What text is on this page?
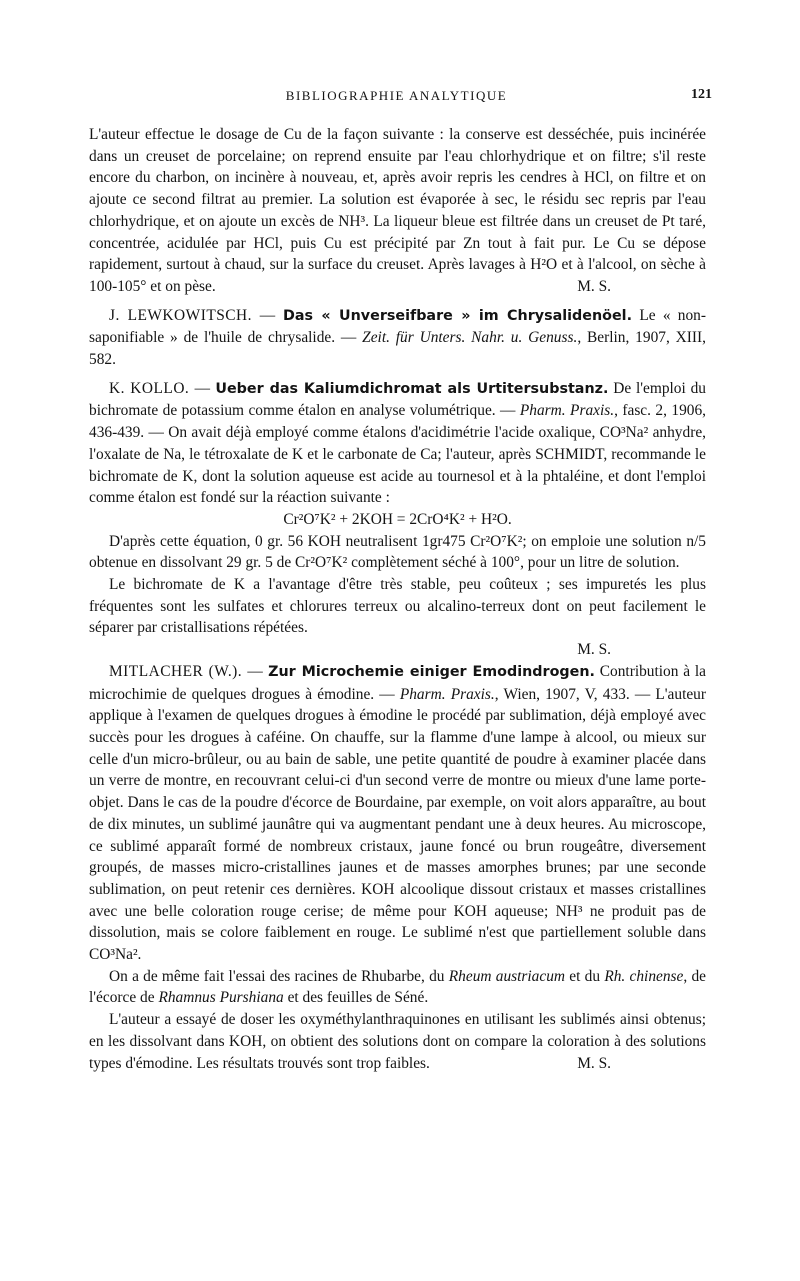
BIBLIOGRAPHIE ANALYTIQUE	121

L'auteur effectue le dosage de Cu de la façon suivante : la conserve est desséchée, puis incinérée dans un creuset de porcelaine; on reprend ensuite par l'eau chlorhydrique et on filtre; s'il reste encore du charbon, on incinère à nouveau, et, après avoir repris les cendres à HCl, on filtre et on ajoute ce second filtrat au premier. La solution est évaporée à sec, le résidu sec repris par l'eau chlorhydrique, et on ajoute un excès de NH³. La liqueur bleue est filtrée dans un creuset de Pt taré, concentrée, acidulée par HCl, puis Cu est précipité par Zn tout à fait pur. Le Cu se dépose rapidement, surtout à chaud, sur la surface du creuset. Après lavages à H²O et à l'alcool, on sèche à 100-105° et on pèse.	M. S.

J. LEWKOWITSCH. — Das « Unverseifbare » im Chrysalidenöel. Le « non-saponifiable » de l'huile de chrysalide. — Zeit. für Unters. Nahr. u. Genuss., Berlin, 1907, XIII, 582.

K. KOLLO. — Ueber das Kaliumdichromat als Urtitersubstanz. De l'emploi du bichromate de potassium comme étalon en analyse volumétrique. — Pharm. Praxis., fasc. 2, 1906, 436-439. — On avait déjà employé comme étalons d'acidimétrie l'acide oxalique, CO³Na² anhydre, l'oxalate de Na, le tétroxalate de K et le carbonate de Ca; l'auteur, après SCHMIDT, recommande le bichromate de K, dont la solution aqueuse est acide au tournesol et à la phtaléine, et dont l'emploi comme étalon est fondé sur la réaction suivante :

Cr²O⁷K² + 2KOH = 2CrO⁴K² + H²O.

D'après cette équation, 0 gr. 56 KOH neutralisent 1gr475 Cr²O⁷K²; on emploie une solution n/5 obtenue en dissolvant 29 gr. 5 de Cr²O⁷K² complètement séché à 100°, pour un litre de solution.

Le bichromate de K a l'avantage d'être très stable, peu coûteux ; ses impuretés les plus fréquentes sont les sulfates et chlorures terreux ou alcalino-terreux dont on peut facilement le séparer par cristallisations répétées.

M. S.

MITLACHER (W.). — Zur Microchemie einiger Emodindrogen. Contribution à la microchimie de quelques drogues à émodine. — Pharm. Praxis., Wien, 1907, V, 433. — L'auteur applique à l'examen de quelques drogues à émodine le procédé par sublimation, déjà employé avec succès pour les drogues à caféine. On chauffe, sur la flamme d'une lampe à alcool, ou mieux sur celle d'un micro-brûleur, ou au bain de sable, une petite quantité de poudre à examiner placée dans un verre de montre, en recouvrant celui-ci d'un second verre de montre ou mieux d'une lame porte-objet. Dans le cas de la poudre d'écorce de Bourdaine, par exemple, on voit alors apparaître, au bout de dix minutes, un sublimé jaunâtre qui va augmentant pendant une à deux heures. Au microscope, ce sublimé apparaît formé de nombreux cristaux, jaune foncé ou brun rougeâtre, diversement groupés, de masses micro-cristallines jaunes et de masses amorphes brunes; par une seconde sublimation, on peut retenir ces dernières. KOH alcoolique dissout cristaux et masses cristallines avec une belle coloration rouge cerise; de même pour KOH aqueuse; NH³ ne produit pas de dissolution, mais se colore faiblement en rouge. Le sublimé n'est que partiellement soluble dans CO³Na².

On a de même fait l'essai des racines de Rhubarbe, du Rheum austriacum et du Rh. chinense, de l'écorce de Rhamnus Purshiana et des feuilles de Séné.

L'auteur a essayé de doser les oxyméthylanthraquinones en utilisant les sublimés ainsi obtenus; en les dissolvant dans KOH, on obtient des solutions dont on compare la coloration à des solutions types d'émodine. Les résultats trouvés sont trop faibles.	M. S.
